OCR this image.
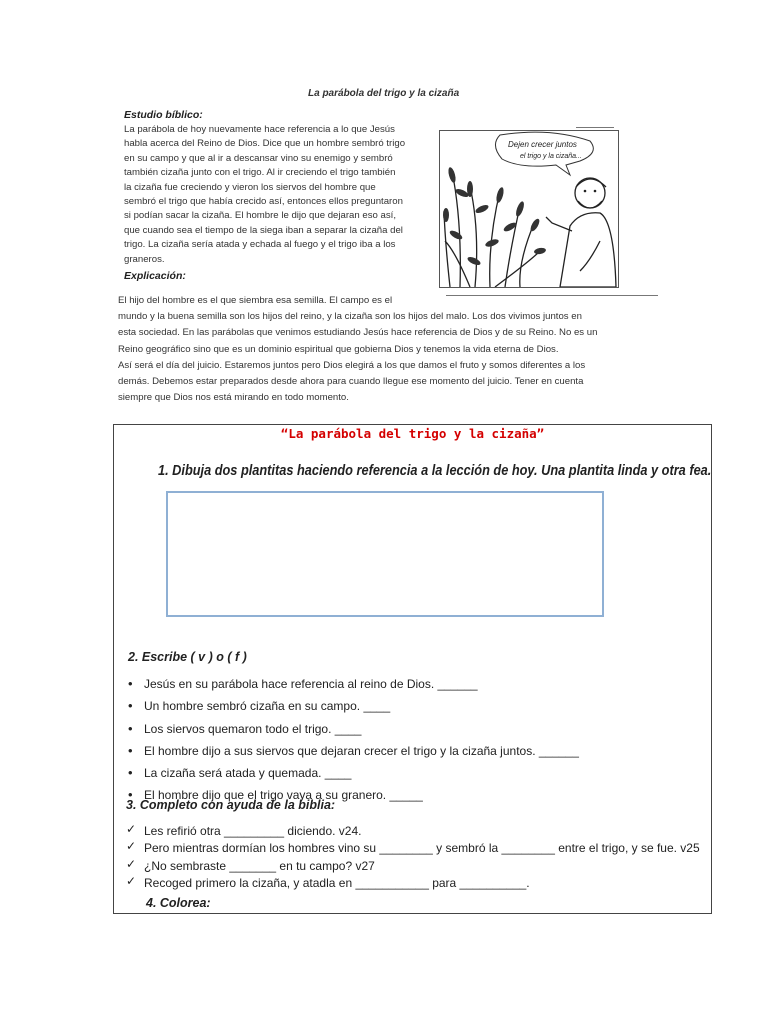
La parábola del trigo y la cizaña
Estudio bíblico:
La parábola de hoy nuevamente hace referencia a lo que Jesús
habla acerca del Reino de Dios. Dice que un hombre sembró trigo
en su campo y que al ir a descansar vino su enemigo y sembró
también cizaña junto con el trigo. Al ir creciendo el trigo también
la cizaña fue creciendo y vieron los siervos del hombre que
sembró el trigo que había crecido así, entonces ellos preguntaron
si podían sacar la cizaña. El hombre le dijo que dejaran eso así,
que cuando sea el tiempo de la siega iban a separar la cizaña del
trigo. La cizaña sería atada y echada al fuego y el trigo iba a los
graneros.
Dejen crecer juntos
el trigo y la cizaña...
Explicación:
El hijo del hombre es el que siembra esa semilla. El campo es el
mundo y la buena semilla son los hijos del reino, y la cizaña son los hijos del malo. Los dos vivimos juntos en
esta sociedad. En las parábolas que venimos estudiando Jesús hace referencia de Dios y de su Reino. No es un
Reino geográfico sino que es un dominio espiritual que gobierna Dios y tenemos la vida eterna de Dios.
Así será el día del juicio. Estaremos juntos pero Dios elegirá a los que damos el fruto y somos diferentes a los
demás. Debemos estar preparados desde ahora para cuando llegue ese momento del juicio. Tener en cuenta
siempre que Dios nos está mirando en todo momento.
“La parábola del trigo y la cizaña”
1. Dibuja dos plantitas haciendo referencia a la lección de hoy. Una plantita linda y otra fea.
2. Escribe ( v ) o ( f )
• Jesús en su parábola hace referencia al reino de Dios. ______
• Un hombre sembró cizaña en su campo. ____
• Los siervos quemaron todo el trigo. ____
• El hombre dijo a sus siervos que dejaran crecer el trigo y la cizaña juntos. ______
• La cizaña será atada y quemada. ____
• El hombre dijo que el trigo vaya a su granero. _____
3. Completo con ayuda de la biblia:
✓ Les refirió otra _________ diciendo. v24.
✓ Pero mientras dormían los hombres vino su ________ y sembró la ________ entre el trigo, y se fue. v25
✓ ¿No sembraste _______ en tu campo? v27
✓ Recoged primero la cizaña, y atadla en ___________ para __________.
4. Colorea:
